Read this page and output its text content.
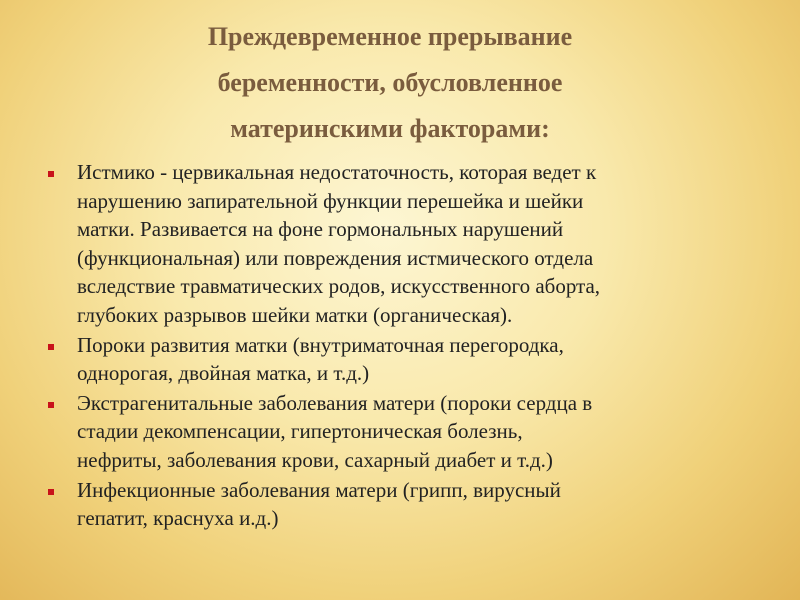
Преждевременное прерывание
беременности, обусловленное
материнскими факторами:
Истмико - цервикальная недостаточность, которая ведет к
нарушению запирательной функции перешейка и шейки
матки. Развивается на фоне гормональных нарушений
(функциональная) или повреждения истмического отдела
вследствие травматических родов, искусственного аборта,
глубоких разрывов шейки матки (органическая).
Пороки развития матки (внутриматочная перегородка,
однорогая, двойная матка, и т.д.)
Экстрагенитальные заболевания матери (пороки сердца в
стадии декомпенсации, гипертоническая болезнь,
нефриты, заболевания крови, сахарный диабет и т.д.)
Инфекционные заболевания матери (грипп, вирусный
гепатит, краснуха и.д.)
